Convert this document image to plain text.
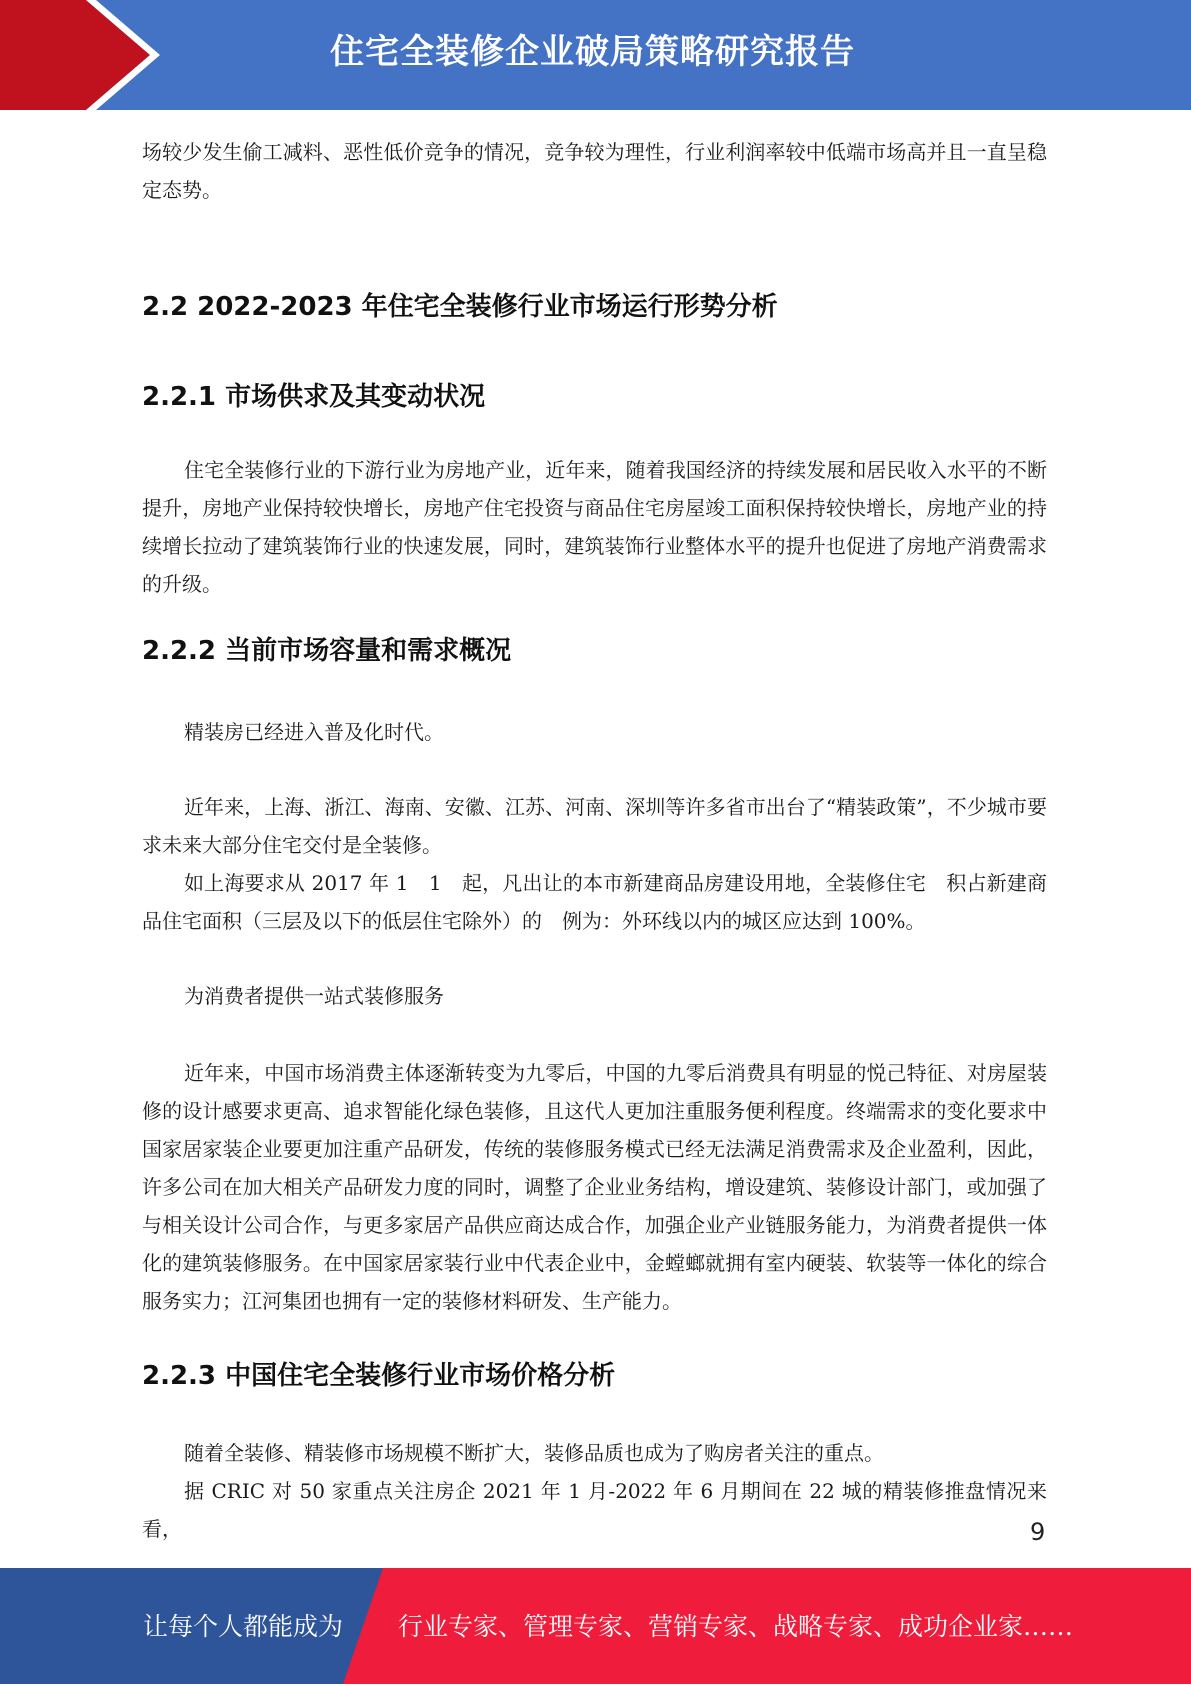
住宅全装修企业破局策略研究报告

场较少发生偷工减料、恶性低价竞争的情况，竞争较为理性，行业利润率较中低端市场高并且一直呈稳定态势。

2.2 2022-2023 年住宅全装修行业市场运行形势分析
2.2.1 市场供求及其变动状况

住宅全装修行业的下游行业为房地产业，近年来，随着我国经济的持续发展和居民收入水平的不断提升，房地产业保持较快增长，房地产住宅投资与商品住宅房屋竣工面积保持较快增长，房地产业的持续增长拉动了建筑装饰行业的快速发展，同时，建筑装饰行业整体水平的提升也促进了房地产消费需求的升级。

2.2.2 当前市场容量和需求概况

精装房已经进入普及化时代。

近年来，上海、浙江、海南、安徽、江苏、河南、深圳等许多省市出台了“精装政策”，不少城市要求未来大部分住宅交付是全装修。

如上海要求从 2017 年 1　1　起，凡出让的本市新建商品房建设用地，全装修住宅　积占新建商品住宅面积（三层及以下的低层住宅除外）的　例为：外环线以内的城区应达到 100%。

为消费者提供一站式装修服务

近年来，中国市场消费主体逐渐转变为九零后，中国的九零后消费具有明显的悦己特征、对房屋装修的设计感要求更高、追求智能化绿色装修，且这代人更加注重服务便利程度。终端需求的变化要求中国家居家装企业要更加注重产品研发，传统的装修服务模式已经无法满足消费需求及企业盈利，因此，许多公司在加大相关产品研发力度的同时，调整了企业业务结构，增设建筑、装修设计部门，或加强了与相关设计公司合作，与更多家居产品供应商达成合作，加强企业产业链服务能力，为消费者提供一体化的建筑装修服务。在中国家居家装行业中代表企业中，金螳螂就拥有室内硬装、软装等一体化的综合服务实力；江河集团也拥有一定的装修材料研发、生产能力。

2.2.3 中国住宅全装修行业市场价格分析

随着全装修、精装修市场规模不断扩大，装修品质也成为了购房者关注的重点。

据 CRIC 对 50 家重点关注房企 2021 年 1 月-2022 年 6 月期间在 22 城的精装修推盘情况来看，	9
让每个人都能成为 行业专家、管理专家、营销专家、战略专家、成功企业家……
